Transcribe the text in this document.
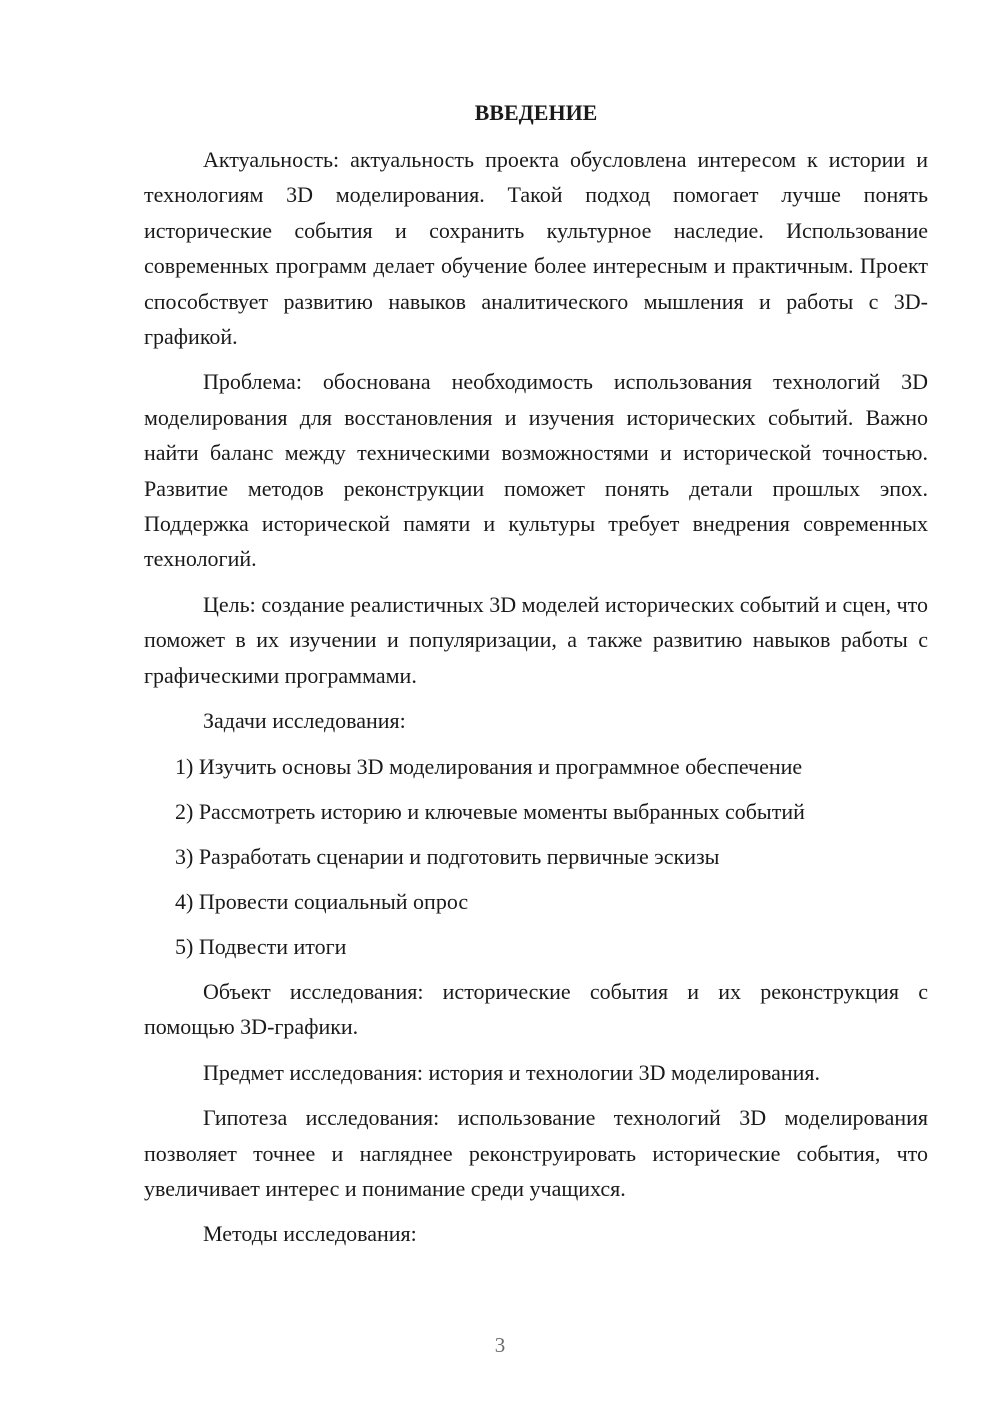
ВВЕДЕНИЕ

Актуальность: актуальность проекта обусловлена интересом к истории и технологиям 3D моделирования. Такой подход помогает лучше понять исторические события и сохранить культурное наследие. Использование современных программ делает обучение более интересным и практичным. Проект способствует развитию навыков аналитического мышления и работы с 3D-графикой.

Проблема: обоснована необходимость использования технологий 3D моделирования для восстановления и изучения исторических событий. Важно найти баланс между техническими возможностями и исторической точностью. Развитие методов реконструкции поможет понять детали прошлых эпох. Поддержка исторической памяти и культуры требует внедрения современных технологий.

Цель: создание реалистичных 3D моделей исторических событий и сцен, что поможет в их изучении и популяризации, а также развитию навыков работы с графическими программами.

Задачи исследования:

1) Изучить основы 3D моделирования и программное обеспечение
2) Рассмотреть историю и ключевые моменты выбранных событий
3) Разработать сценарии и подготовить первичные эскизы
4) Провести социальный опрос
5) Подвести итоги

Объект исследования: исторические события и их реконструкция с помощью 3D-графики.

Предмет исследования: история и технологии 3D моделирования.

Гипотеза исследования: использование технологий 3D моделирования позволяет точнее и нагляднее реконструировать исторические события, что увеличивает интерес и понимание среди учащихся.

Методы исследования:

3
